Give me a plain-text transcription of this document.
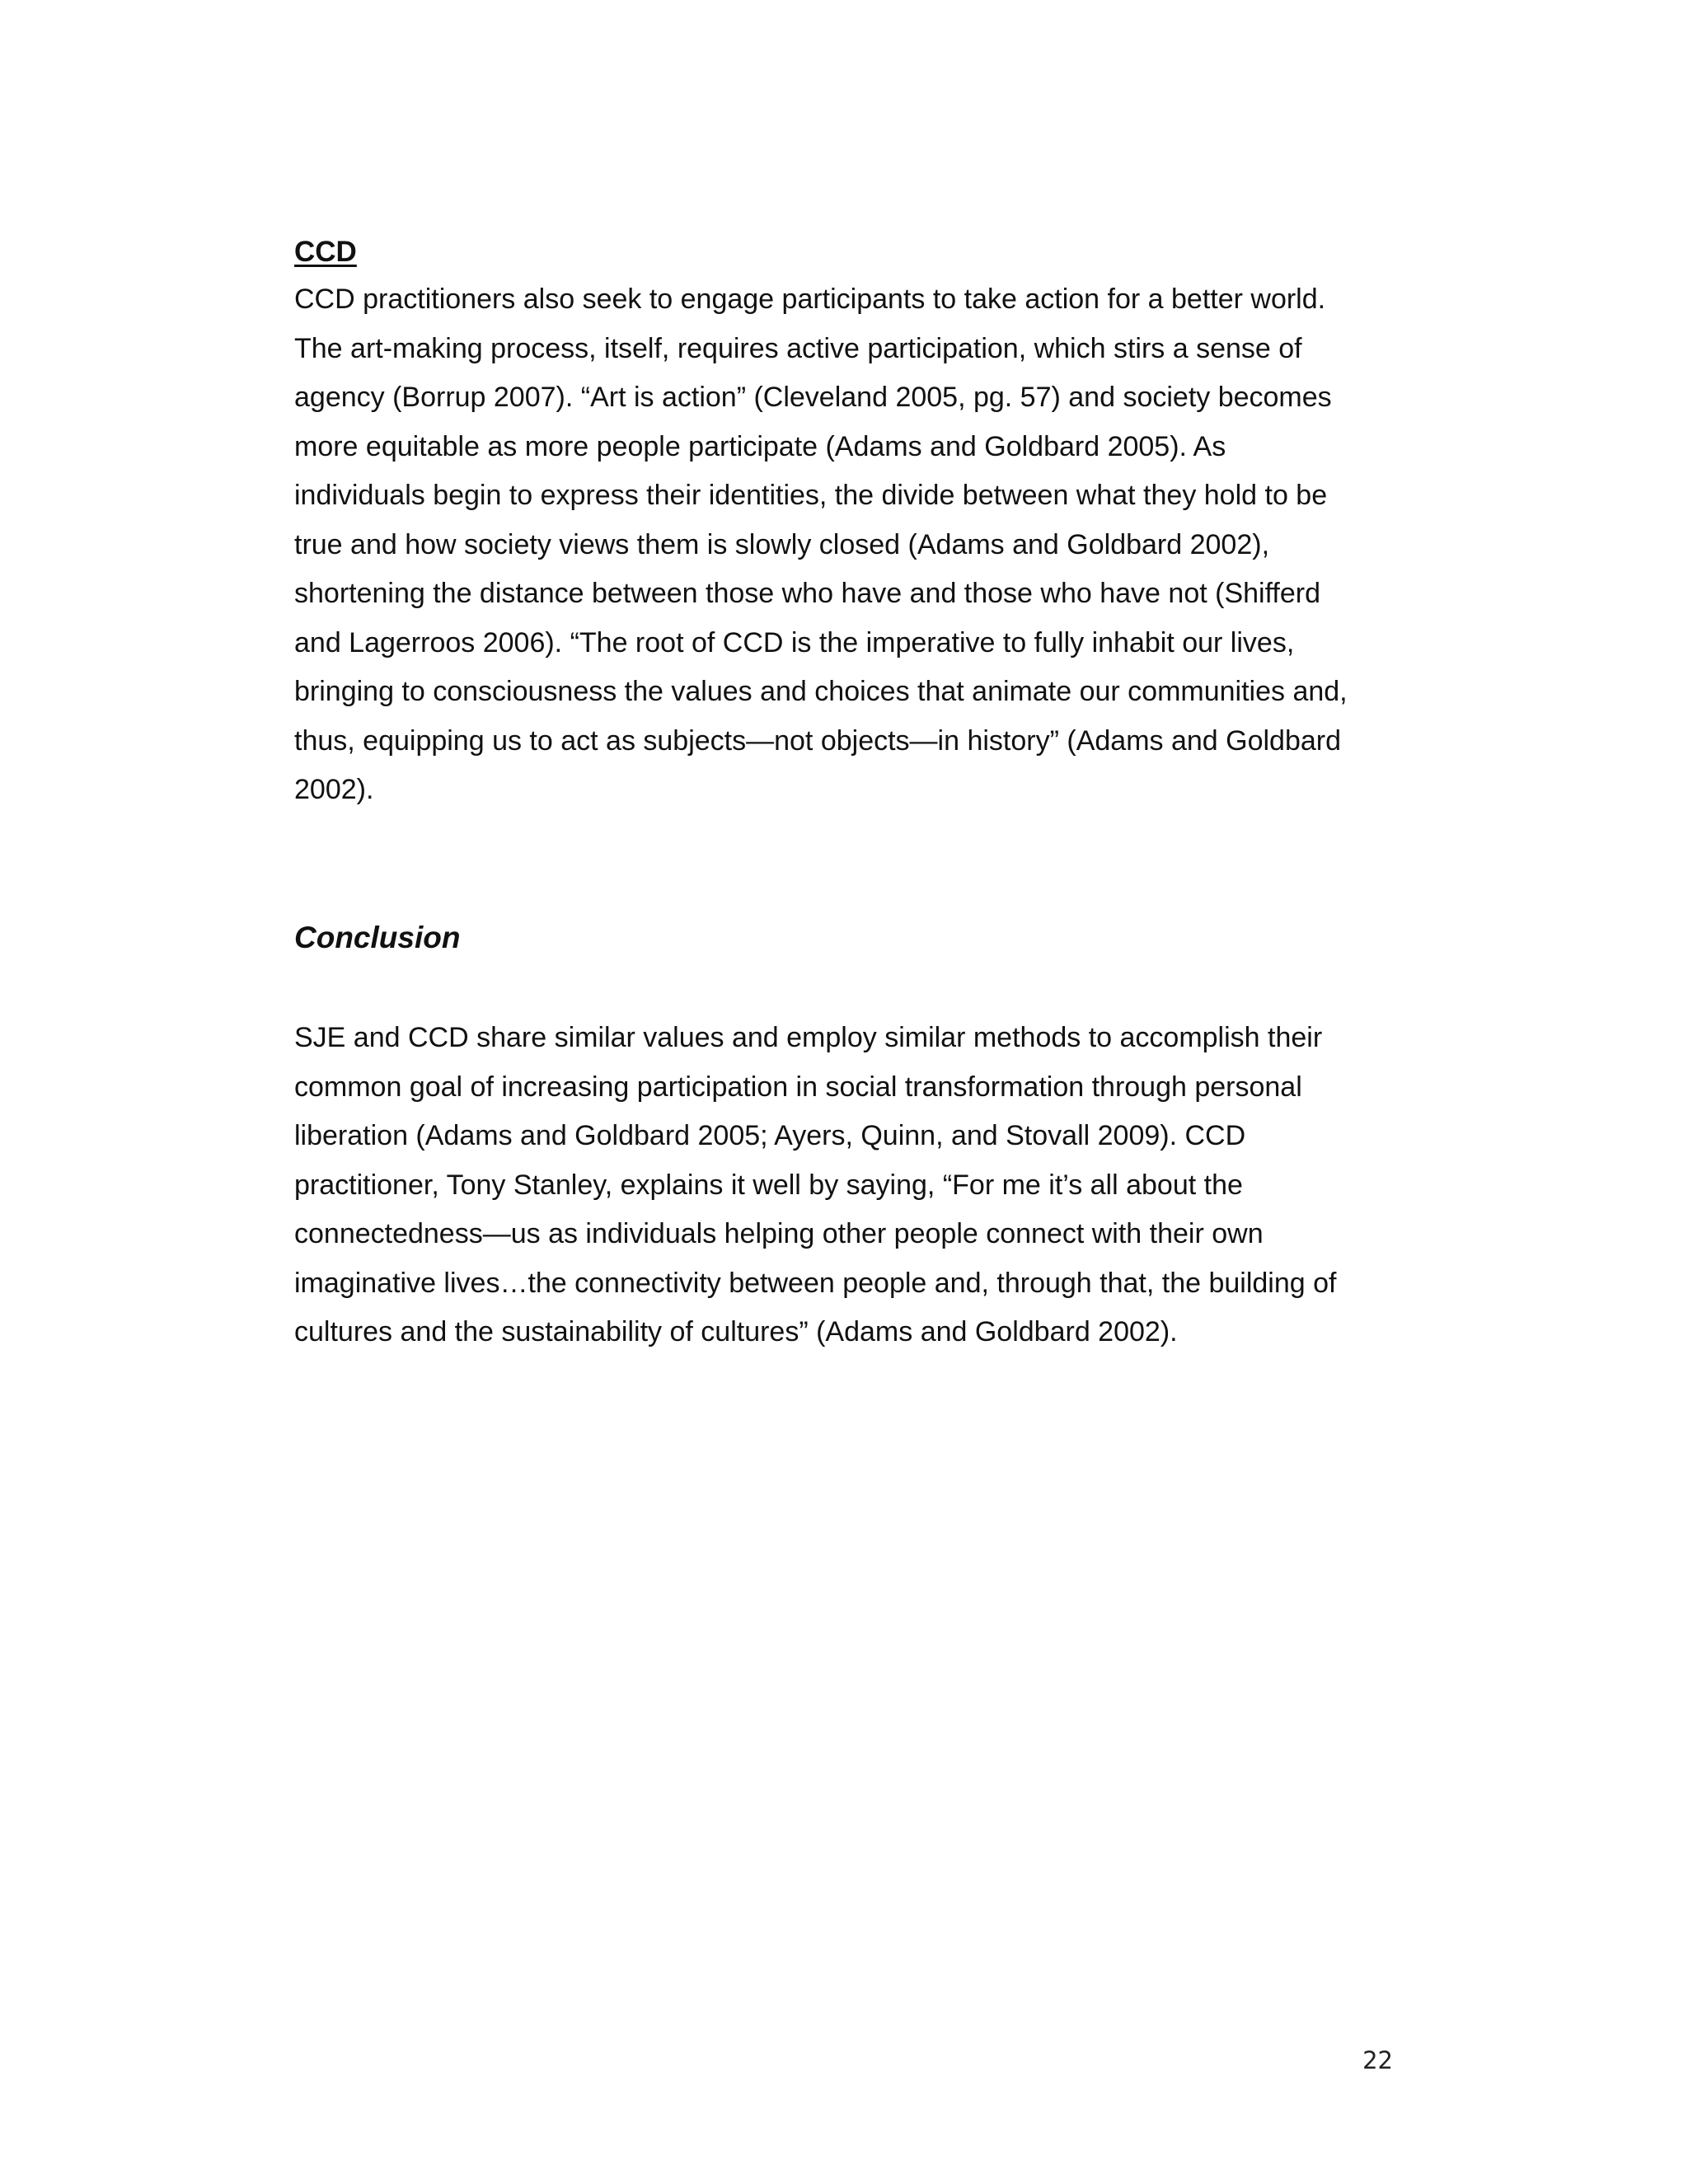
CCD

CCD practitioners also seek to engage participants to take action for a better world.
The art-making process, itself, requires active participation, which stirs a sense of
agency (Borrup 2007). “Art is action” (Cleveland 2005, pg. 57) and society becomes
more equitable as more people participate (Adams and Goldbard 2005). As
individuals begin to express their identities, the divide between what they hold to be
true and how society views them is slowly closed (Adams and Goldbard 2002),
shortening the distance between those who have and those who have not (Shifferd
and Lagerroos 2006). “The root of CCD is the imperative to fully inhabit our lives,
bringing to consciousness the values and choices that animate our communities and,
thus, equipping us to act as subjects—not objects—in history” (Adams and Goldbard
2002).

Conclusion

SJE and CCD share similar values and employ similar methods to accomplish their
common goal of increasing participation in social transformation through personal
liberation (Adams and Goldbard 2005; Ayers, Quinn, and Stovall 2009). CCD
practitioner, Tony Stanley, explains it well by saying, “For me it’s all about the
connectedness—us as individuals helping other people connect with their own
imaginative lives…the connectivity between people and, through that, the building of
cultures and the sustainability of cultures” (Adams and Goldbard 2002).

22
